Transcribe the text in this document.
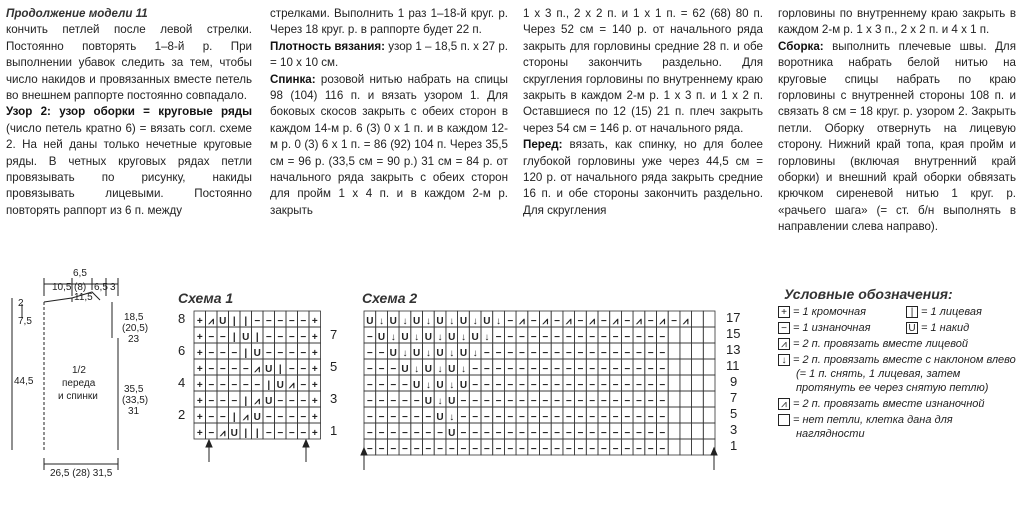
Продолжение модели 11

кончить петлей после левой стрелки. Постоянно повторять 1–8-й р. При выполнении убавок следить за тем, чтобы число накидов и провязанных вместе петель во внешнем раппорте постоянно совпадало.

Узор 2: узор оборки = круговые ряды (число петель кратно 6) = вязать согл. схеме 2. На ней даны только нечетные круговые ряды. В четных круговых рядах петли провязывать по рисунку, накиды провязывать лицевыми. Постоянно повторять раппорт из 6 п. между

стрелками. Выполнить 1 раз 1–18-й круг. р. Через 18 круг. р. в раппорте будет 22 п.

Плотность вязания: узор 1 – 18,5 п. х 27 р. = 10 х 10 см.

Спинка: розовой нитью набрать на спицы 98 (104) 116 п. и вязать узором 1. Для боковых скосов закрыть с обеих сторон в каждом 14-м р. 6 (3) 0 х 1 п. и в каждом 12-м р. 0 (3) 6 х 1 п. = 86 (92) 104 п. Через 35,5 см = 96 р. (33,5 см = 90 р.) 31 см = 84 р. от начального ряда закрыть с обеих сторон для пройм 1 х 4 п. и в каждом 2-м р. закрыть

1 х 3 п., 2 х 2 п. и 1 х 1 п. = 62 (68) 80 п. Через 52 см = 140 р. от начального ряда закрыть для горловины средние 28 п. и обе стороны закончить раздельно. Для скругления горловины по внутреннему краю закрыть в каждом 2-м р. 1 х 3 п. и 1 х 2 п. Оставшиеся по 12 (15) 21 п. плеч закрыть через 54 см = 146 р. от начального ряда.

Перед: вязать, как спинку, но для более глубокой горловины уже через 44,5 см = 120 р. от начального ряда закрыть средние 16 п. и обе стороны закончить раздельно. Для скругления

горловины по внутреннему краю закрыть в каждом 2-м р. 1 х 3 п., 2 х 2 п. и 4 х 1 п.

Сборка: выполнить плечевые швы. Для воротника набрать белой нитью на круговые спицы набрать по краю горловины с внутренней стороны 108 п. и связать 8 см = 18 круг. р. узором 2. Закрыть петли. Оборку отвернуть на лицевую сторону. Нижний край топа, края пройм и горловины (включая внутренний край оборки) и внешний край оборки обвязать крючком сиреневой нитью 1 круг. р. «рачьего шага» (= ст. б/н выполнять в направлении слева направо).

10,5
6,5
(8)
11,5
6,5 3
2
7,5
44,5
18,5
(20,5)
23
35,5
(33,5)
31
1/2
переда
и спинки
26,5 (28) 31,5
Схема 1
+ ⩘ U | | − − − − − +
+ − − | U | − − − − +
+ − − − | U − − − − +
+ − − − − ⩘ U | − − +
+ − − − − − | U ⩘ − +
+ − − − | ⩘ U − − − +
+ − − | ⩘ U − − − − +
+ − ⩘ U | | − − − − +
8
6
4
2
7
5
3
1
Схема 2
U ↓ U ↓ U ↓ U ↓ U ↓ U ↓ − ⩘ − ⩘ − ⩘ − ⩘ − ⩘ − ⩘ − ⩘ − ⩘
− U ↓ U ↓ U ↓ U ↓ U ↓ − − − − − − − − − − − − − − −
− − U ↓ U ↓ U ↓ U ↓ − − − − − − − − − − − − − − − −
− − − U ↓ U ↓ U ↓ − − − − − − − − − − − − − − − − −
− − − − U ↓ U ↓ U − − − − − − − − − − − − − − − − −
− − − − − U ↓ U − − − − − − − − − − − − − − − − − −
− − − − − − U ↓ − − − − − − − − − − − − − − − − − −
− − − − − − − U − − − − − − − − − − − − − − − − − −
− − − − − − − − − − − − − − − − − − − − − − − − − −
17
15
13
11
9
7
5
3
1
Условные обозначения:
+ = 1 кромочная	| = 1 лицевая
− = 1 изнаночная	U = 1 накид
⩘ = 2 п. провязать вместе лицевой
↓ = 2 п. провязать вместе с наклоном влево (= 1 п. снять, 1 лицевая, затем протянуть ее через снятую петлю)
⩘ = 2 п. провязать вместе изнаночной
= нет петли, клетка дана для наглядности
